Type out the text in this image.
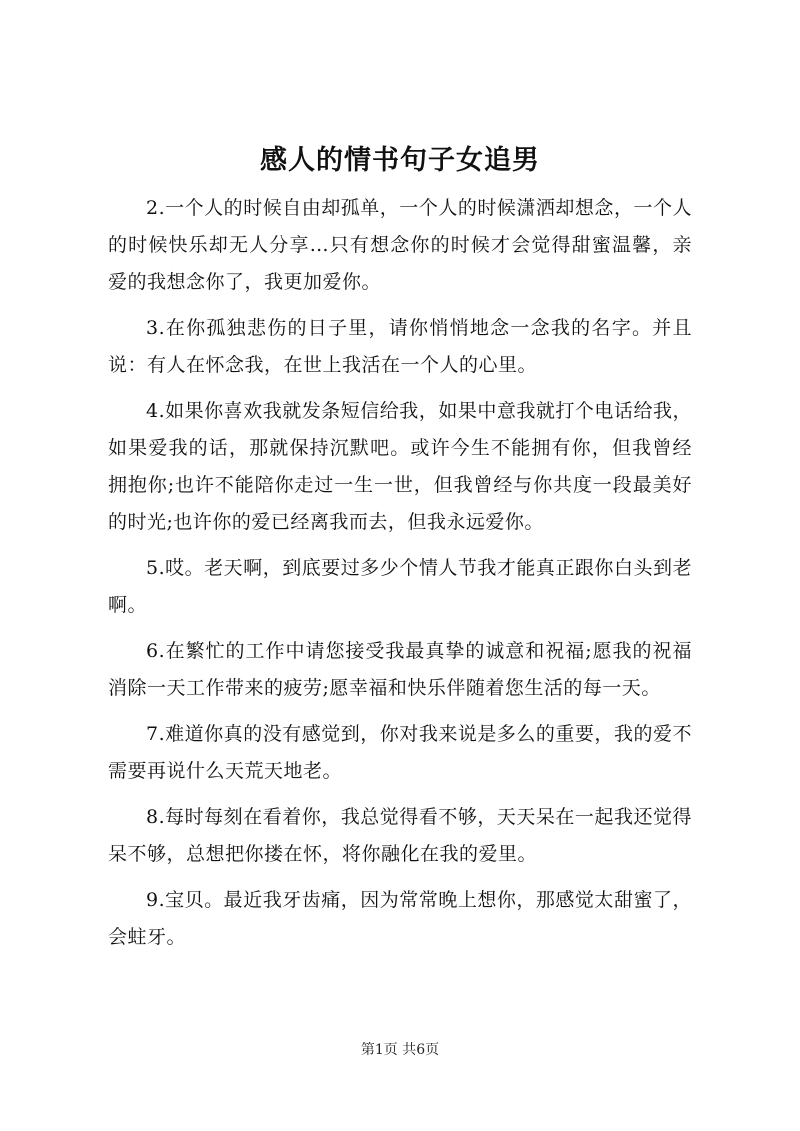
感人的情书句子女追男

2.一个人的时候自由却孤单，一个人的时候潇洒却想念，一个人的时候快乐却无人分享…只有想念你的时候才会觉得甜蜜温馨，亲爱的我想念你了，我更加爱你。

3.在你孤独悲伤的日子里，请你悄悄地念一念我的名字。并且说：有人在怀念我，在世上我活在一个人的心里。

4.如果你喜欢我就发条短信给我，如果中意我就打个电话给我，如果爱我的话，那就保持沉默吧。或许今生不能拥有你，但我曾经拥抱你;也许不能陪你走过一生一世，但我曾经与你共度一段最美好的时光;也许你的爱已经离我而去，但我永远爱你。

5.哎。老天啊，到底要过多少个情人节我才能真正跟你白头到老啊。

6.在繁忙的工作中请您接受我最真挚的诚意和祝福;愿我的祝福消除一天工作带来的疲劳;愿幸福和快乐伴随着您生活的每一天。

7.难道你真的没有感觉到，你对我来说是多么的重要，我的爱不需要再说什么天荒天地老。

8.每时每刻在看着你，我总觉得看不够，天天呆在一起我还觉得呆不够，总想把你搂在怀，将你融化在我的爱里。

9.宝贝。最近我牙齿痛，因为常常晚上想你，那感觉太甜蜜了，会蛀牙。

第1页 共6页
